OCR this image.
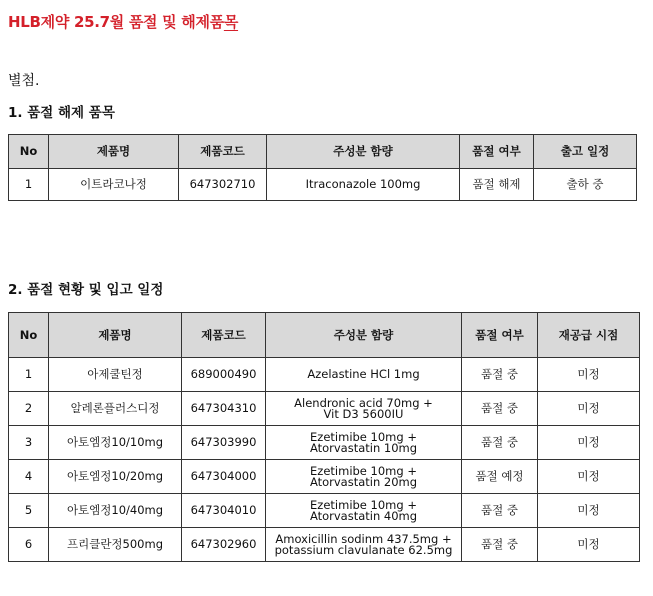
HLB제약 25.7월 품절 및 해제품목
별첨.
1. 품절 해제 품목
No	제품명	제품코드	주성분 함량	품절 여부	출고 일정
1	이트라코나정	647302710	Itraconazole 100mg	품절 해제	출하 중
2. 품절 현황 및 입고 일정
No	제품명	제품코드	주성분 함량	품절 여부	재공급 시점
1	아제쿨틴정	689000490	Azelastine HCl 1mg	품절 중	미정
2	알레론플러스디정	647304310	Alendronic acid 70mg +
Vit D3 5600IU	품절 중	미정
3	아토엠정10/10mg	647303990	Ezetimibe 10mg +
Atorvastatin 10mg	품절 중	미정
4	아토엠정10/20mg	647304000	Ezetimibe 10mg +
Atorvastatin 20mg	품절 예정	미정
5	아토엠정10/40mg	647304010	Ezetimibe 10mg +
Atorvastatin 40mg	품절 중	미정
6	프리클란정500mg	647302960	Amoxicillin sodinm 437.5mg +
potassium clavulanate 62.5mg	품절 중	미정
